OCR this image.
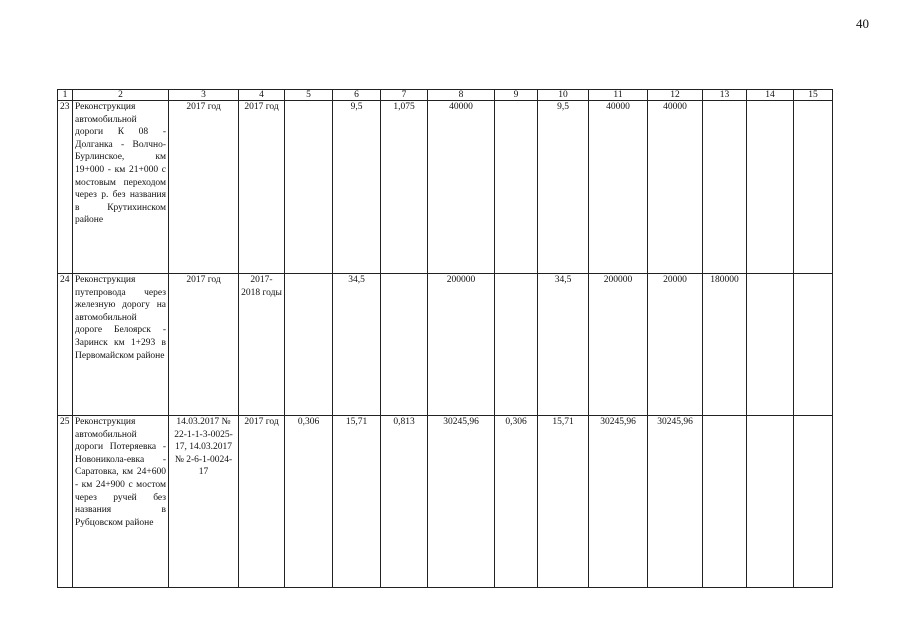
40
1	2	3	4	5	6	7	8	9	10	11	12	13	14	15
23	Реконструкция автомобильной дороги К 08 - Долганка - Волчно-Бурлинское, км 19+000 - км 21+000 с мостовым переходом через р. без названия в Крутихинском районе	2017 год	2017 год		9,5	1,075	40000		9,5	40000	40000			
24	Реконструкция путепровода через железную дорогу на автомобильной дороге Белоярск - Заринск км 1+293 в Первомайском районе	2017 год	2017-2018 годы		34,5		200000		34,5	200000	20000	180000		
25	Реконструкция автомобильной дороги Потеряевка - Новоникола-евка - Саратовка, км 24+600 - км 24+900 с мостом через ручей без названия в Рубцовском районе	14.03.2017 № 22-1-1-3-0025-17, 14.03.2017 № 2-6-1-0024-17	2017 год	0,306	15,71	0,813	30245,96	0,306	15,71	30245,96	30245,96			
